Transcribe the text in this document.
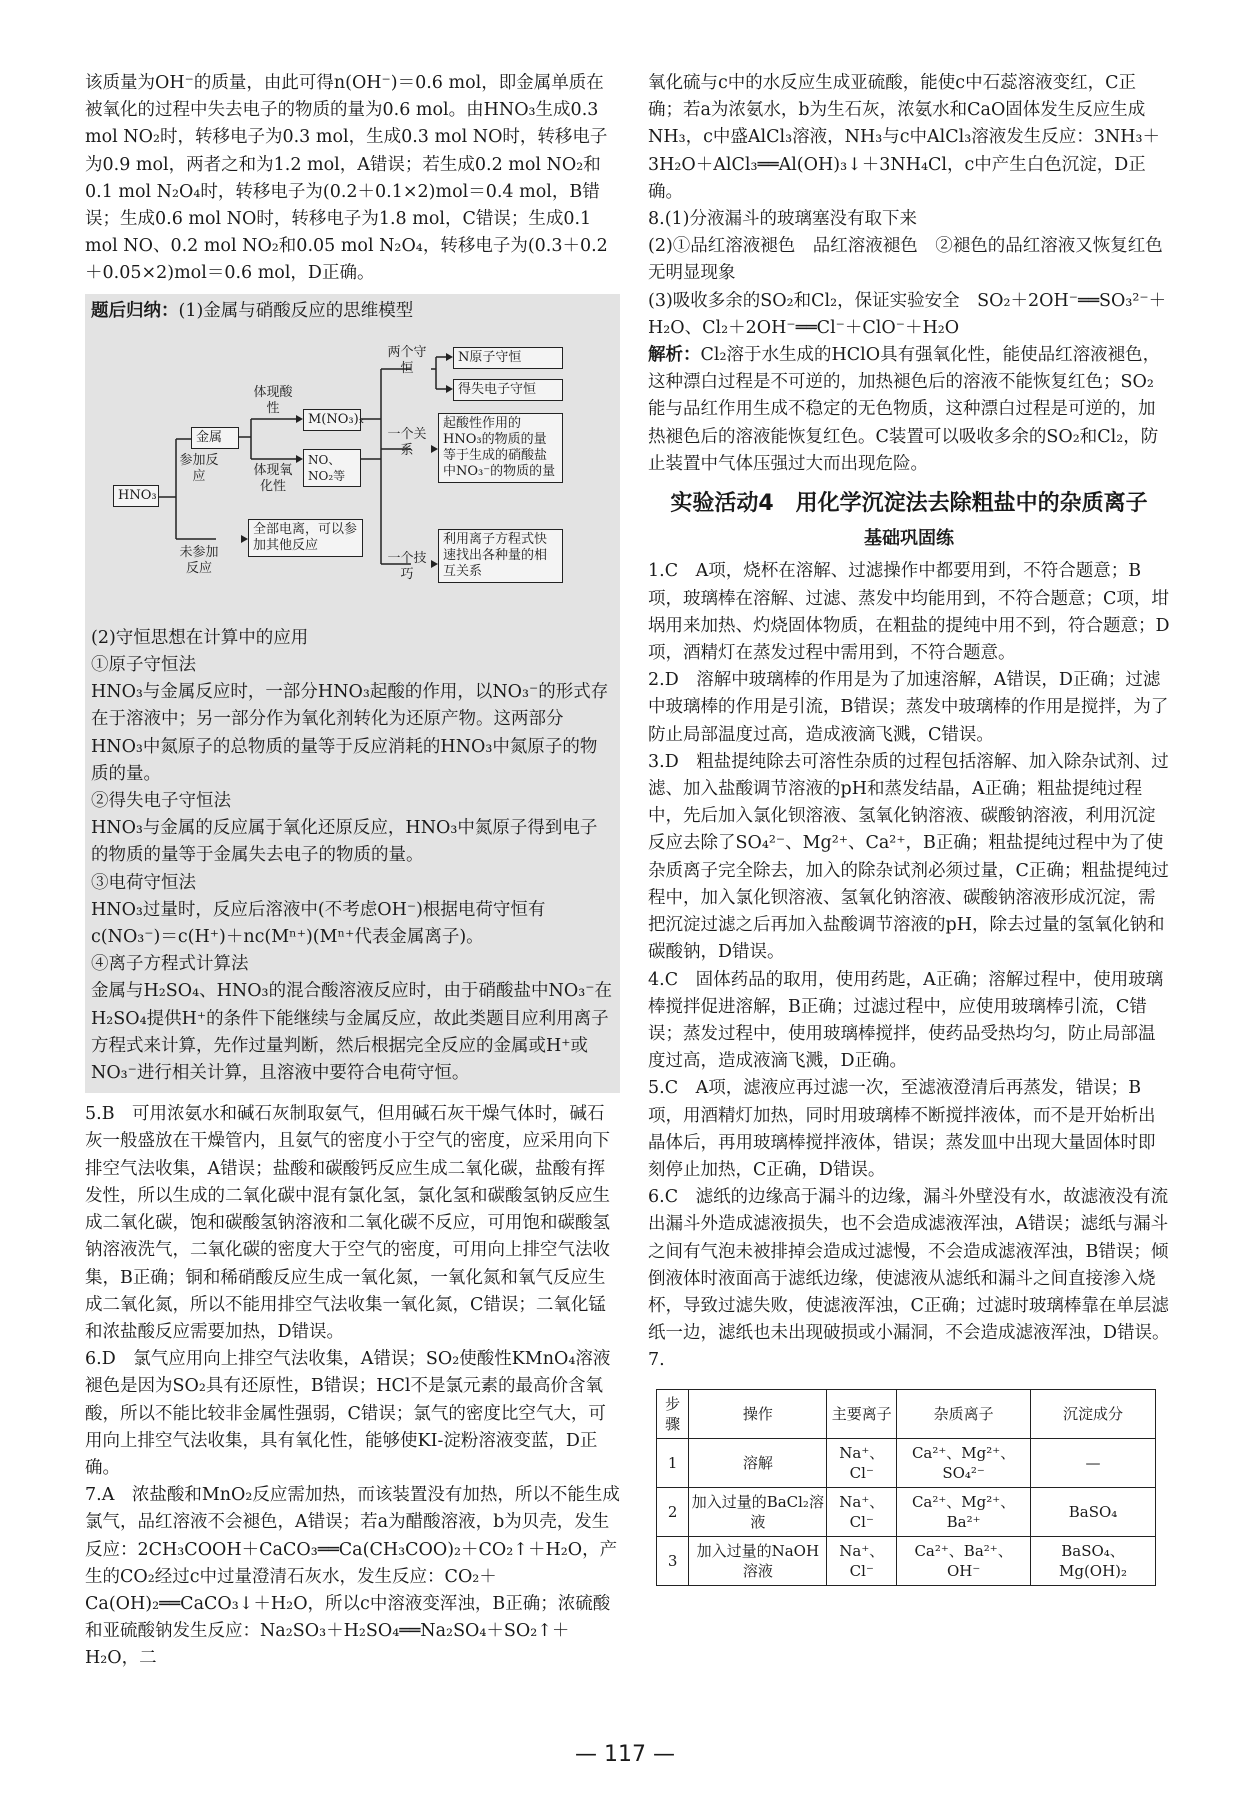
该质量为OH⁻的质量，由此可得n(OH⁻)＝0.6 mol，即金属单质在被氧化的过程中失去电子的物质的量为0.6 mol。由HNO₃生成0.3 mol NO₂时，转移电子为0.3 mol，生成0.3 mol NO时，转移电子为0.9 mol，两者之和为1.2 mol，A错误；若生成0.2 mol NO₂和0.1 mol N₂O₄时，转移电子为(0.2＋0.1×2)mol＝0.4 mol，B错误；生成0.6 mol NO时，转移电子为1.8 mol，C错误；生成0.1 mol NO、0.2 mol NO₂和0.05 mol N₂O₄，转移电子为(0.3＋0.2＋0.05×2)mol＝0.6 mol，D正确。

题后归纳：(1)金属与硝酸反应的思维模型

HNO₃
金属
参加反应
未参加反应
体现酸性
体现氧化性
M(NO₃)ₓ
NO、NO₂等
全部电离，可以参加其他反应
两个守恒
N原子守恒
得失电子守恒
一个关系
起酸性作用的HNO₃的物质的量等于生成的硝酸盐中NO₃⁻的物质的量
一个技巧
利用离子方程式快速找出各种量的相互关系

(2)守恒思想在计算中的应用

①原子守恒法

HNO₃与金属反应时，一部分HNO₃起酸的作用，以NO₃⁻的形式存在于溶液中；另一部分作为氧化剂转化为还原产物。这两部分HNO₃中氮原子的总物质的量等于反应消耗的HNO₃中氮原子的物质的量。

②得失电子守恒法

HNO₃与金属的反应属于氧化还原反应，HNO₃中氮原子得到电子的物质的量等于金属失去电子的物质的量。

③电荷守恒法

HNO₃过量时，反应后溶液中(不考虑OH⁻)根据电荷守恒有c(NO₃⁻)＝c(H⁺)＋nc(Mⁿ⁺)(Mⁿ⁺代表金属离子)。

④离子方程式计算法

金属与H₂SO₄、HNO₃的混合酸溶液反应时，由于硝酸盐中NO₃⁻在H₂SO₄提供H⁺的条件下能继续与金属反应，故此类题目应利用离子方程式来计算，先作过量判断，然后根据完全反应的金属或H⁺或NO₃⁻进行相关计算，且溶液中要符合电荷守恒。

5.B　可用浓氨水和碱石灰制取氨气，但用碱石灰干燥气体时，碱石灰一般盛放在干燥管内，且氨气的密度小于空气的密度，应采用向下排空气法收集，A错误；盐酸和碳酸钙反应生成二氧化碳，盐酸有挥发性，所以生成的二氧化碳中混有氯化氢，氯化氢和碳酸氢钠反应生成二氧化碳，饱和碳酸氢钠溶液和二氧化碳不反应，可用饱和碳酸氢钠溶液洗气，二氧化碳的密度大于空气的密度，可用向上排空气法收集，B正确；铜和稀硝酸反应生成一氧化氮，一氧化氮和氧气反应生成二氧化氮，所以不能用排空气法收集一氧化氮，C错误；二氧化锰和浓盐酸反应需要加热，D错误。

6.D　氯气应用向上排空气法收集，A错误；SO₂使酸性KMnO₄溶液褪色是因为SO₂具有还原性，B错误；HCl不是氯元素的最高价含氧酸，所以不能比较非金属性强弱，C错误；氯气的密度比空气大，可用向上排空气法收集，具有氧化性，能够使KI-淀粉溶液变蓝，D正确。

7.A　浓盐酸和MnO₂反应需加热，而该装置没有加热，所以不能生成氯气，品红溶液不会褪色，A错误；若a为醋酸溶液，b为贝壳，发生反应：2CH₃COOH＋CaCO₃══Ca(CH₃COO)₂＋CO₂↑＋H₂O，产生的CO₂经过c中过量澄清石灰水，发生反应：CO₂＋Ca(OH)₂══CaCO₃↓＋H₂O，所以c中溶液变浑浊，B正确；浓硫酸和亚硫酸钠发生反应：Na₂SO₃＋H₂SO₄══Na₂SO₄＋SO₂↑＋H₂O，二

氧化硫与c中的水反应生成亚硫酸，能使c中石蕊溶液变红，C正确；若a为浓氨水，b为生石灰，浓氨水和CaO固体发生反应生成NH₃，c中盛AlCl₃溶液，NH₃与c中AlCl₃溶液发生反应：3NH₃＋3H₂O＋AlCl₃══Al(OH)₃↓＋3NH₄Cl，c中产生白色沉淀，D正确。

8.(1)分液漏斗的玻璃塞没有取下来

(2)①品红溶液褪色　品红溶液褪色　②褪色的品红溶液又恢复红色　无明显现象

(3)吸收多余的SO₂和Cl₂，保证实验安全　SO₂＋2OH⁻══SO₃²⁻＋H₂O、Cl₂＋2OH⁻══Cl⁻＋ClO⁻＋H₂O

解析：Cl₂溶于水生成的HClO具有强氧化性，能使品红溶液褪色，这种漂白过程是不可逆的，加热褪色后的溶液不能恢复红色；SO₂能与品红作用生成不稳定的无色物质，这种漂白过程是可逆的，加热褪色后的溶液能恢复红色。C装置可以吸收多余的SO₂和Cl₂，防止装置中气体压强过大而出现危险。

实验活动4　用化学沉淀法去除粗盐中的杂质离子
基础巩固练

1.C　A项，烧杯在溶解、过滤操作中都要用到，不符合题意；B项，玻璃棒在溶解、过滤、蒸发中均能用到，不符合题意；C项，坩埚用来加热、灼烧固体物质，在粗盐的提纯中用不到，符合题意；D项，酒精灯在蒸发过程中需用到，不符合题意。

2.D　溶解中玻璃棒的作用是为了加速溶解，A错误，D正确；过滤中玻璃棒的作用是引流，B错误；蒸发中玻璃棒的作用是搅拌，为了防止局部温度过高，造成液滴飞溅，C错误。

3.D　粗盐提纯除去可溶性杂质的过程包括溶解、加入除杂试剂、过滤、加入盐酸调节溶液的pH和蒸发结晶，A正确；粗盐提纯过程中，先后加入氯化钡溶液、氢氧化钠溶液、碳酸钠溶液，利用沉淀反应去除了SO₄²⁻、Mg²⁺、Ca²⁺，B正确；粗盐提纯过程中为了使杂质离子完全除去，加入的除杂试剂必须过量，C正确；粗盐提纯过程中，加入氯化钡溶液、氢氧化钠溶液、碳酸钠溶液形成沉淀，需把沉淀过滤之后再加入盐酸调节溶液的pH，除去过量的氢氧化钠和碳酸钠，D错误。

4.C　固体药品的取用，使用药匙，A正确；溶解过程中，使用玻璃棒搅拌促进溶解，B正确；过滤过程中，应使用玻璃棒引流，C错误；蒸发过程中，使用玻璃棒搅拌，使药品受热均匀，防止局部温度过高，造成液滴飞溅，D正确。

5.C　A项，滤液应再过滤一次，至滤液澄清后再蒸发，错误；B项，用酒精灯加热，同时用玻璃棒不断搅拌液体，而不是开始析出晶体后，再用玻璃棒搅拌液体，错误；蒸发皿中出现大量固体时即刻停止加热，C正确，D错误。

6.C　滤纸的边缘高于漏斗的边缘，漏斗外壁没有水，故滤液没有流出漏斗外造成滤液损失，也不会造成滤液浑浊，A错误；滤纸与漏斗之间有气泡未被排掉会造成过滤慢，不会造成滤液浑浊，B错误；倾倒液体时液面高于滤纸边缘，使滤液从滤纸和漏斗之间直接渗入烧杯，导致过滤失败，使滤液浑浊，C正确；过滤时玻璃棒靠在单层滤纸一边，滤纸也未出现破损或小漏洞，不会造成滤液浑浊，D错误。

7.

步骤	操作	主要离子	杂质离子	沉淀成分
1	溶解	Na⁺、Cl⁻	Ca²⁺、Mg²⁺、SO₄²⁻	—
2	加入过量的BaCl₂溶液	Na⁺、Cl⁻	Ca²⁺、Mg²⁺、Ba²⁺	BaSO₄
3	加入过量的NaOH溶液	Na⁺、Cl⁻	Ca²⁺、Ba²⁺、OH⁻	BaSO₄、Mg(OH)₂
— 117 —
